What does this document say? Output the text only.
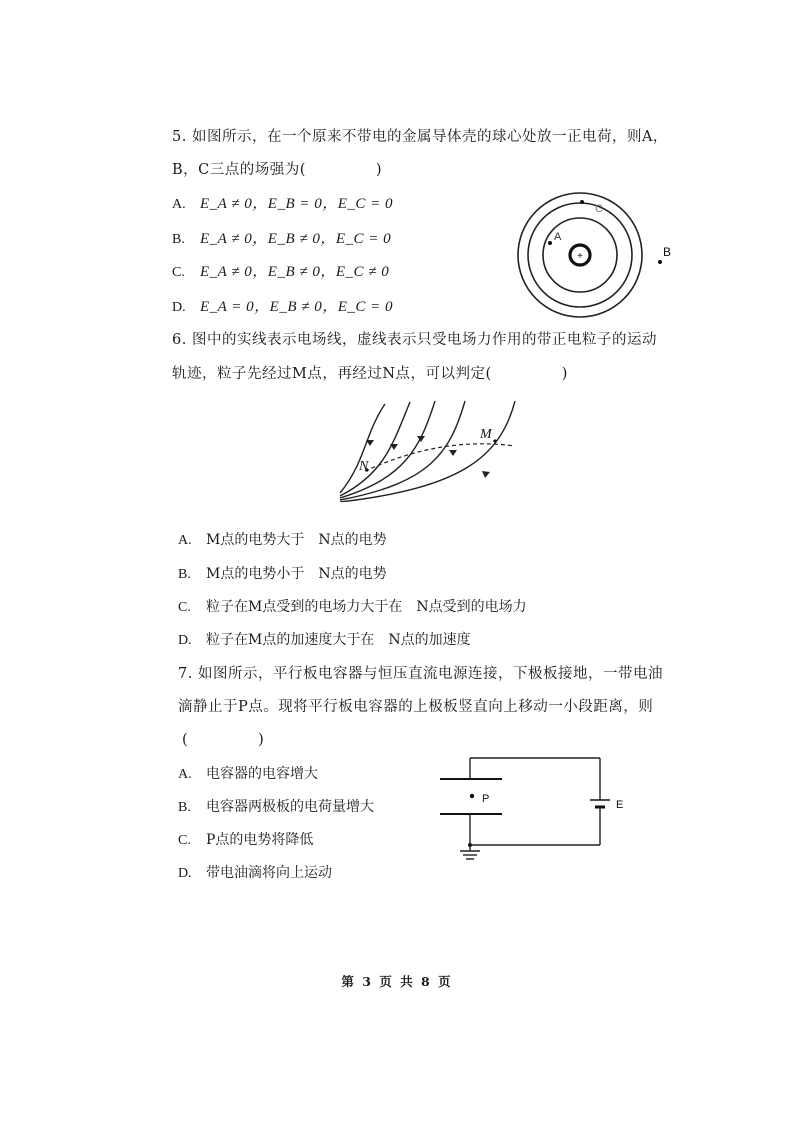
5. 如图所示，在一个原来不带电的金属导体壳的球心处放一正电荷，则A，
B，C三点的场强为(	)
A. E_A ≠ 0，E_B = 0，E_C = 0
B. E_A ≠ 0，E_B ≠ 0，E_C = 0
C. E_A ≠ 0，E_B ≠ 0，E_C ≠ 0
D. E_A = 0，E_B ≠ 0，E_C = 0
+
A
C
B
6. 图中的实线表示电场线，虚线表示只受电场力作用的带正电粒子的运动
轨迹，粒子先经过M点，再经过N点，可以判定(	)
M
N
A. M点的电势大于　N点的电势
B. M点的电势小于　N点的电势
C. 粒子在M点受到的电场力大于在　N点受到的电场力
D. 粒子在M点的加速度大于在　N点的加速度
7. 如图所示，平行板电容器与恒压直流电源连接，下极板接地，一带电油
滴静止于P点。现将平行板电容器的上极板竖直向上移动一小段距离，则
(	)
A. 电容器的电容增大
B. 电容器两极板的电荷量增大
C. P点的电势将降低
D. 带电油滴将向上运动
P	E
第 3 页 共 8 页
